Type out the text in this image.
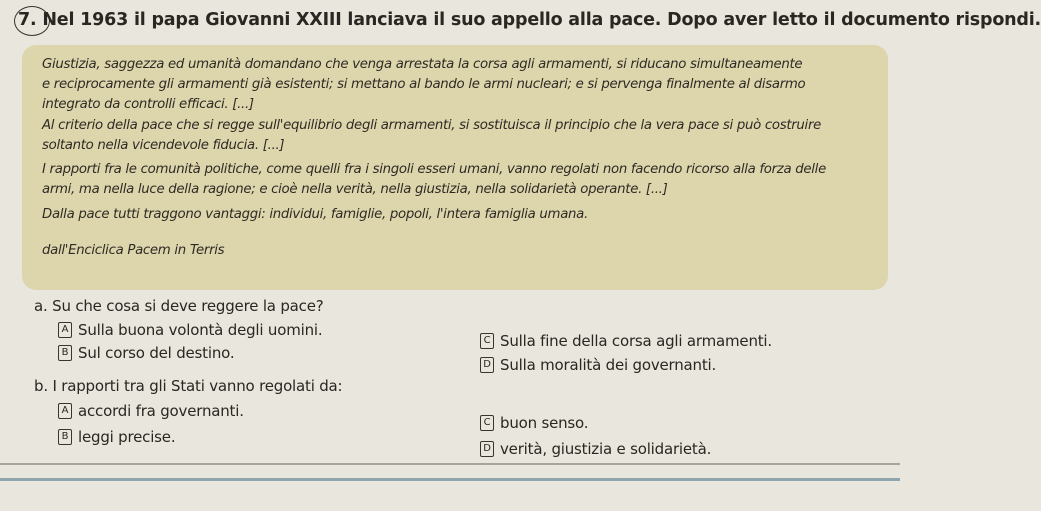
7. Nel 1963 il papa Giovanni XXIII lanciava il suo appello alla pace. Dopo aver letto il documento rispondi.

Giustizia, saggezza ed umanità domandano che venga arrestata la corsa agli armamenti, si riducano simultaneamente
e reciprocamente gli armamenti già esistenti; si mettano al bando le armi nucleari; e si pervenga finalmente al disarmo
integrato da controlli efficaci. [...]

Al criterio della pace che si regge sull'equilibrio degli armamenti, si sostituisca il principio che la vera pace si può costruire
soltanto nella vicendevole fiducia. [...]

I rapporti fra le comunità politiche, come quelli fra i singoli esseri umani, vanno regolati non facendo ricorso alla forza delle
armi, ma nella luce della ragione; e cioè nella verità, nella giustizia, nella solidarietà operante. [...]

Dalla pace tutti traggono vantaggi: individui, famiglie, popoli, l'intera famiglia umana.

dall'Enciclica Pacem in Terris

a. Su che cosa si deve reggere la pace?
A Sulla buona volontà degli uomini.
B Sul corso del destino.
C Sulla fine della corsa agli armamenti.
D Sulla moralità dei governanti.
b. I rapporti tra gli Stati vanno regolati da:
A accordi fra governanti.
B leggi precise.
C buon senso.
D verità, giustizia e solidarietà.
